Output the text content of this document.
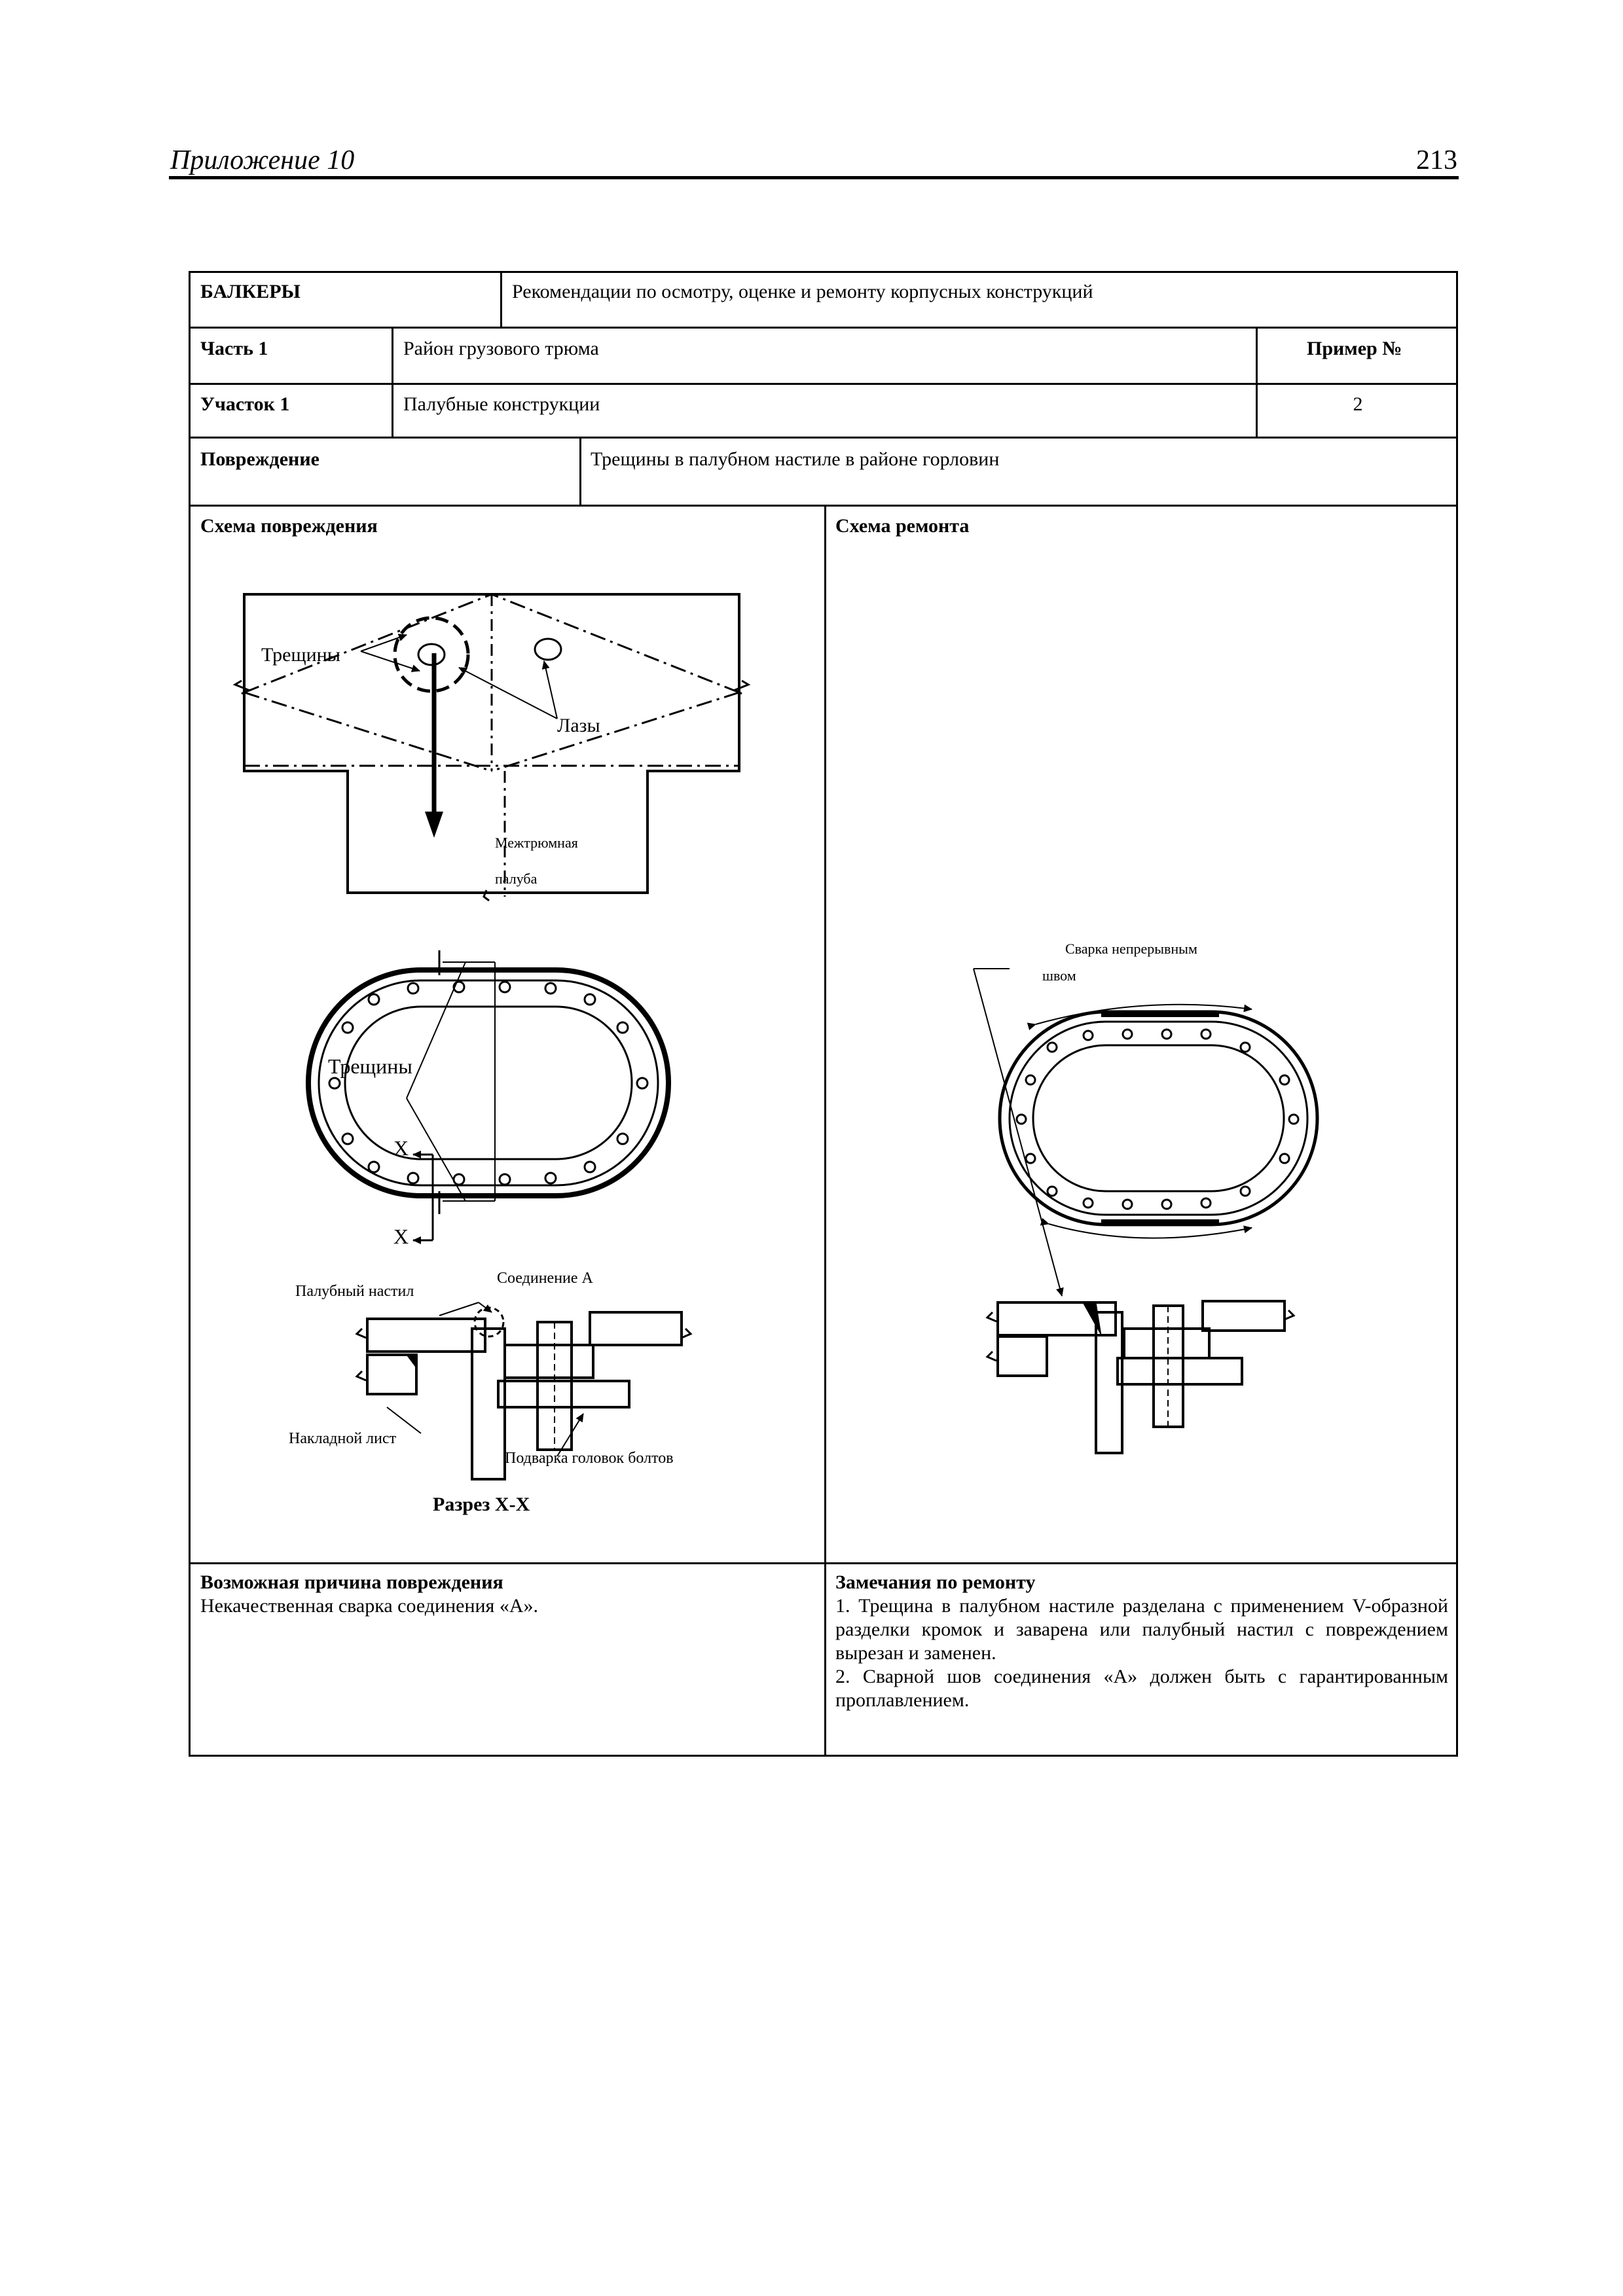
Приложение 10	213
БАЛКЕРЫ	Рекомендации по осмотру, оценке и ремонту корпусных конструкций
Часть 1	Район грузового трюма	Пример №
Участок 1	Палубные конструкции	2
Повреждение	Трещины в палубном настиле в районе горловин
Схема повреждения	Схема ремонта
Трещины
Лазы
Межтрюмная
палуба
Трещины
X
X
Палубный настил
Соединение А
Накладной лист
Подварка головок болтов
Разрез X-X
Сварка непрерывным
швом
Возможная причина повреждения
Некачественная сварка соединения «А».
Замечания по ремонту
1. Трещина в палубном настиле разделана с применением V-образной разделки кромок и заварена или палубный настил с повреждением вырезан и заменен.
2. Сварной шов соединения «А» должен быть с гарантированным проплавлением.
